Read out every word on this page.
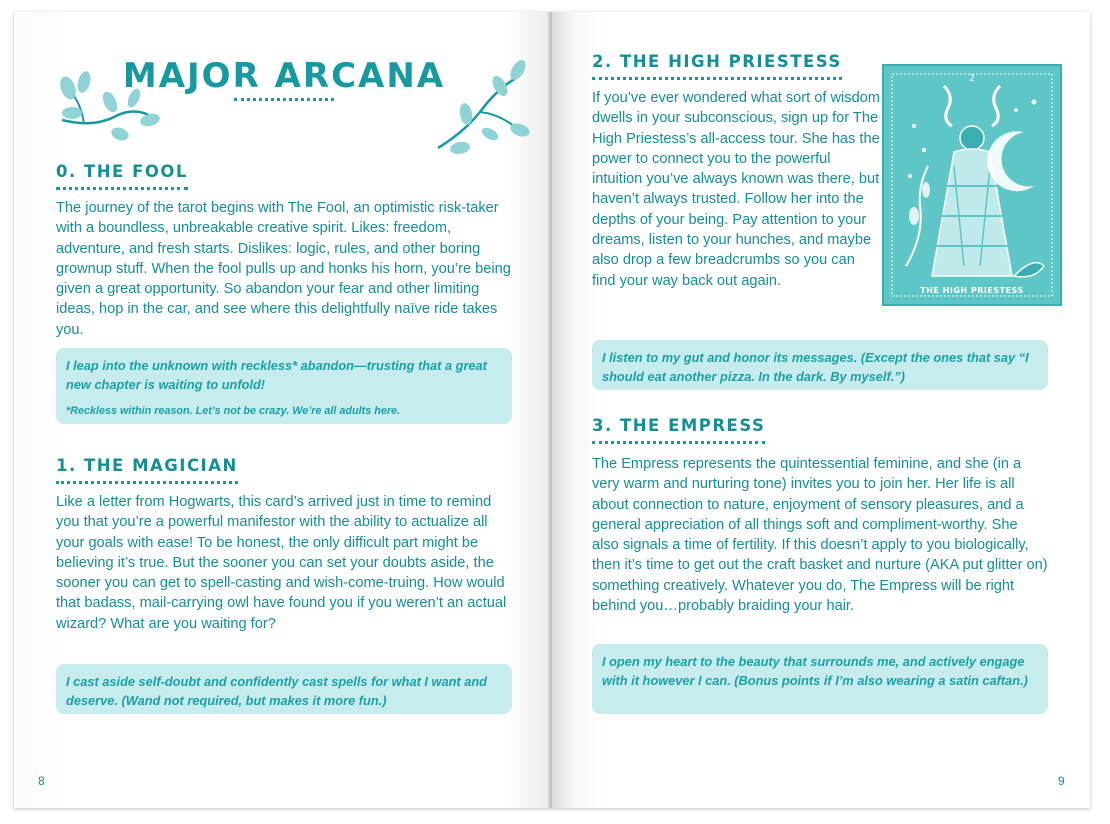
MAJOR ARCANA
0. THE FOOL

The journey of the tarot begins with The Fool, an optimistic risk-taker with a boundless, unbreakable creative spirit. Likes: freedom, adventure, and fresh starts. Dislikes: logic, rules, and other boring grownup stuff. When the fool pulls up and honks his horn, you’re being given a great opportunity. So abandon your fear and other limiting ideas, hop in the car, and see where this delightfully naïve ride takes you.

I leap into the unknown with reckless* abandon—trusting that a great new chapter is waiting to unfold!
*Reckless within reason. Let’s not be crazy. We’re all adults here.
1. THE MAGICIAN

Like a letter from Hogwarts, this card’s arrived just in time to remind you that you’re a powerful manifestor with the ability to actualize all your goals with ease! To be honest, the only difficult part might be believing it’s true. But the sooner you can set your doubts aside, the sooner you can get to spell-casting and wish-come-truing. How would that badass, mail-carrying owl have found you if you weren’t an actual wizard? What are you waiting for?

I cast aside self-doubt and confidently cast spells for what I want and deserve. (Wand not required, but makes it more fun.)
8
2. THE HIGH PRIESTESS

If you’ve ever wondered what sort of wisdom dwells in your subconscious, sign up for The High Priestess’s all-access tour. She has the power to connect you to the powerful intuition you’ve always known was there, but haven’t always trusted. Follow her into the depths of your being. Pay attention to your dreams, listen to your hunches, and maybe also drop a few breadcrumbs so you can find your way back out again.

I listen to my gut and honor its messages. (Except the ones that say “I should eat another pizza. In the dark. By myself.”)
3. THE EMPRESS

The Empress represents the quintessential feminine, and she (in a very warm and nurturing tone) invites you to join her. Her life is all about connection to nature, enjoyment of sensory pleasures, and a general appreciation of all things soft and compliment-worthy. She also signals a time of fertility. If this doesn’t apply to you biologically, then it’s time to get out the craft basket and nurture (AKA put glitter on) something creatively. Whatever you do, The Empress will be right behind you…probably braiding your hair.

I open my heart to the beauty that surrounds me, and actively engage with it however I can. (Bonus points if I’m also wearing a satin caftan.)
9
2
THE HIGH PRIESTESS
